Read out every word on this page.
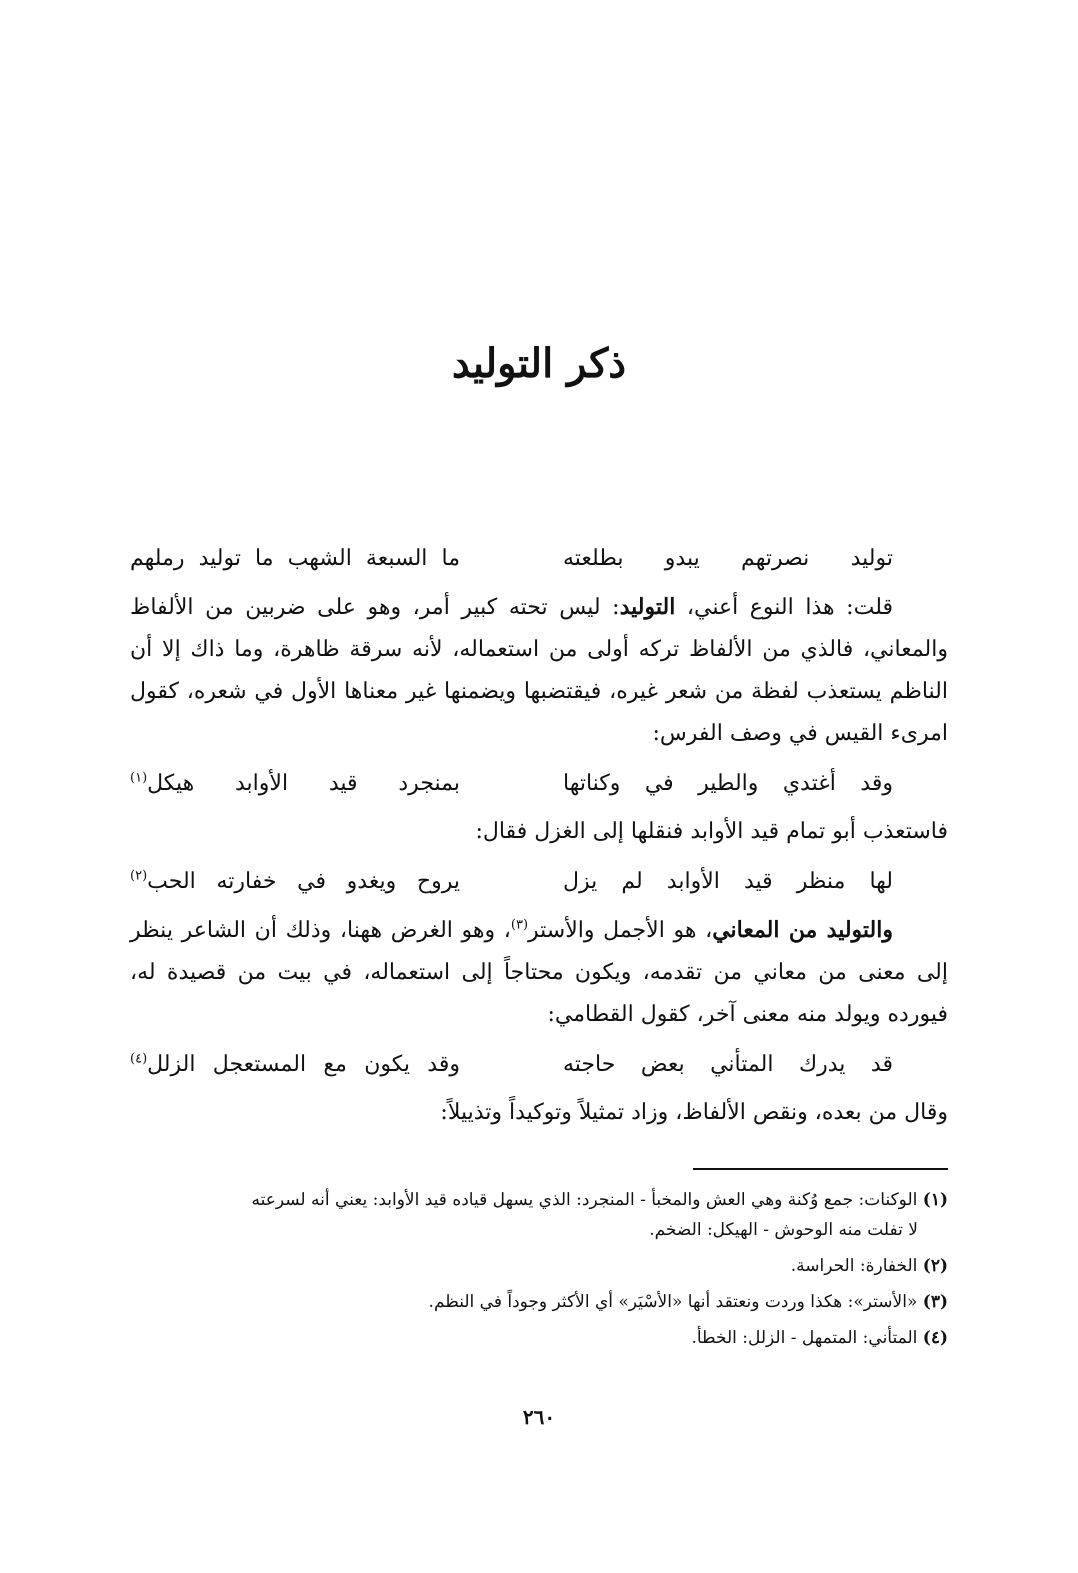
ذكر التوليد
توليد نصرتهم يبدو بطلعته
ما السبعة الشهب ما توليد رملهم

قلت: هذا النوع أعني، التوليد: ليس تحته كبير أمر، وهو على ضربين من الألفاظ والمعاني، فالذي من الألفاظ تركه أولى من استعماله، لأنه سرقة ظاهرة، وما ذاك إلا أن الناظم يستعذب لفظة من شعر غيره، فيقتضبها ويضمنها غير معناها الأول في شعره، كقول امرىء القيس في وصف الفرس:

وقد أغتدي والطير في وكناتها
بمنجرد قيد الأوابد هيكل$^{(١)}$

فاستعذب أبو تمام قيد الأوابد فنقلها إلى الغزل فقال:

لها منظر قيد الأوابد لم يزل
يروح ويغدو في خفارته الحب$^{(٢)}$

والتوليد من المعاني، هو الأجمل والأستر$^{(٣)}$، وهو الغرض ههنا، وذلك أن الشاعر ينظر إلى معنى من معاني من تقدمه، ويكون محتاجاً إلى استعماله، في بيت من قصيدة له، فيورده ويولد منه معنى آخر، كقول القطامي:

قد يدرك المتأني بعض حاجته
وقد يكون مع المستعجل الزلل$^{(٤)}$

وقال من بعده، ونقص الألفاظ، وزاد تمثيلاً وتوكيداً وتذييلاً:

(١) الوكنات: جمع وُكنة وهي العش والمخبأ - المنجرد: الذي يسهل قياده قيد الأوابد: يعني أنه لسرعته
لا تفلت منه الوحوش - الهيكل: الضخم.
(٢) الخفارة: الحراسة.
(٣) «الأستر»: هكذا وردت ونعتقد أنها «الأسْيَر» أي الأكثر وجوداً في النظم.
(٤) المتأني: المتمهل - الزلل: الخطأ.
٢٦٠
